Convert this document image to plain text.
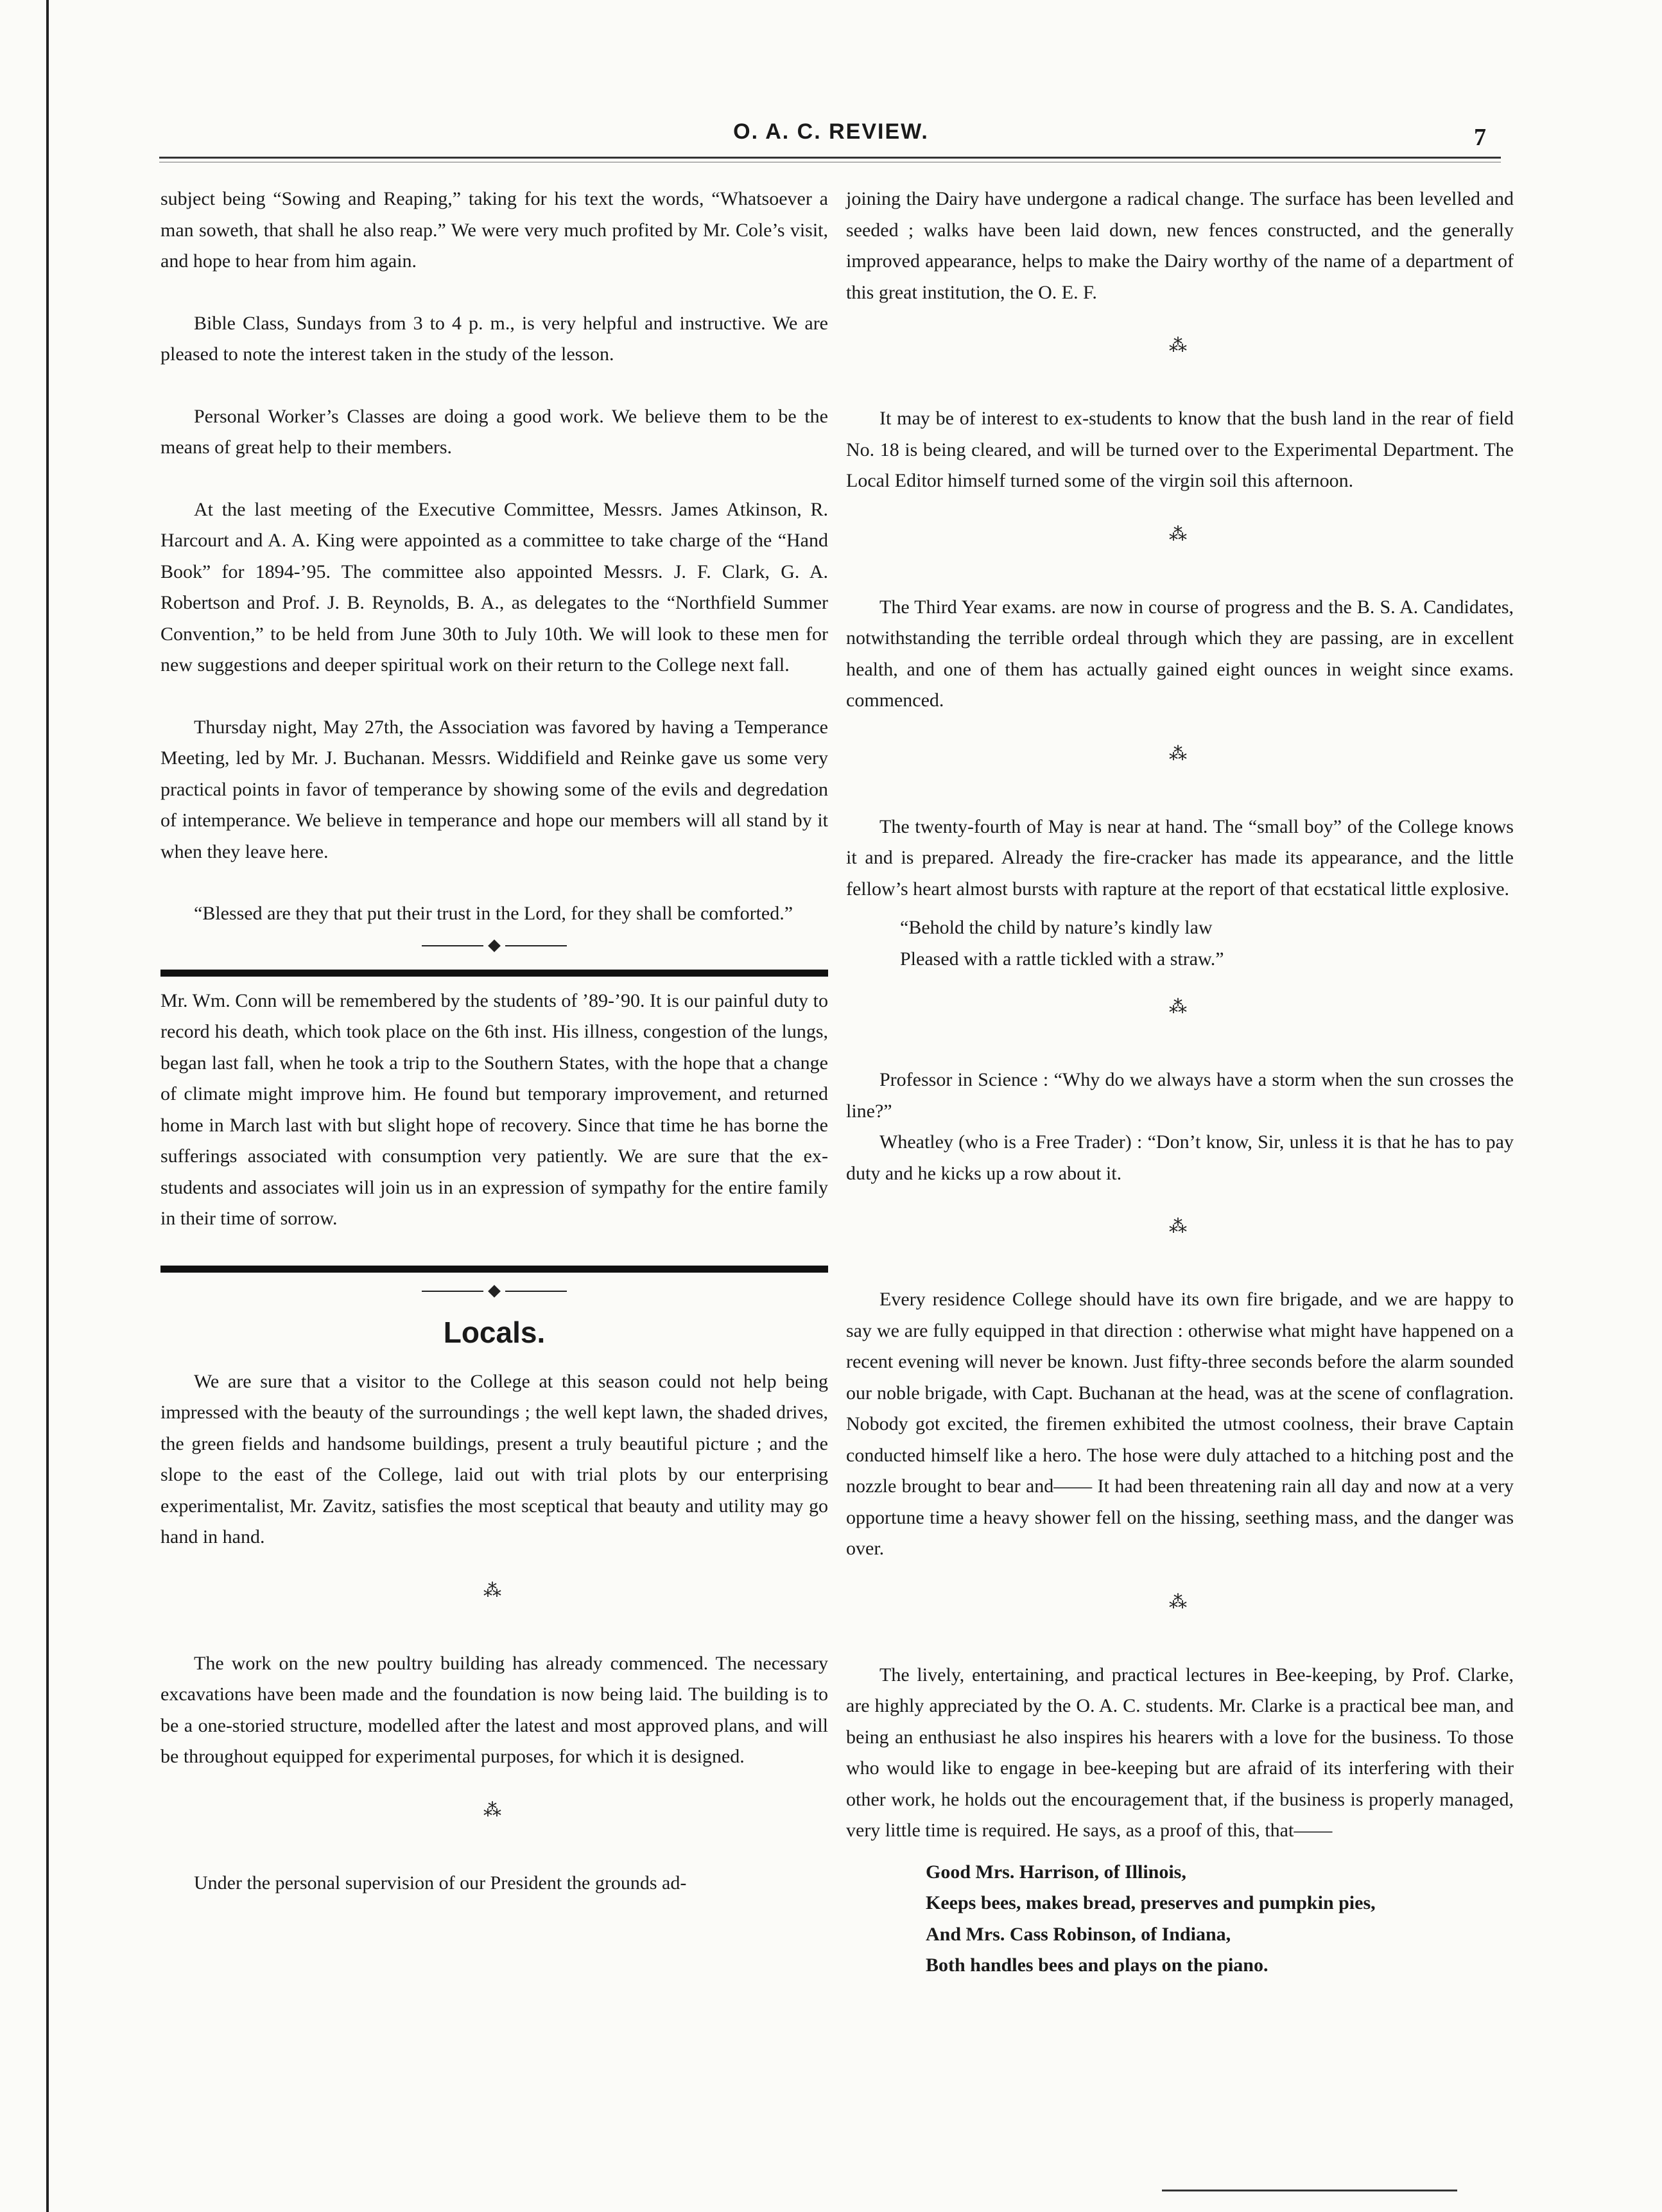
O. A. C. REVIEW.	7

subject being “Sowing and Reaping,” taking for his text the words, “Whatsoever a man soweth, that shall he also reap.” We were very much profited by Mr. Cole’s visit, and hope to hear from him again.

Bible Class, Sundays from 3 to 4 p. m., is very helpful and instructive. We are pleased to note the interest taken in the study of the lesson.

Personal Worker’s Classes are doing a good work. We believe them to be the means of great help to their members.

At the last meeting of the Executive Committee, Messrs. James Atkinson, R. Harcourt and A. A. King were appointed as a committee to take charge of the “Hand Book” for 1894-’95. The committee also appointed Messrs. J. F. Clark, G. A. Robertson and Prof. J. B. Reynolds, B. A., as delegates to the “Northfield Summer Convention,” to be held from June 30th to July 10th. We will look to these men for new suggestions and deeper spiritual work on their return to the College next fall.

Thursday night, May 27th, the Association was favored by having a Temperance Meeting, led by Mr. J. Buchanan. Messrs. Widdifield and Reinke gave us some very practical points in favor of temperance by showing some of the evils and degredation of intemperance. We believe in temperance and hope our members will all stand by it when they leave here.

“Blessed are they that put their trust in the Lord, for they shall be comforted.”

Mr. Wm. Conn will be remembered by the students of ’89-’90. It is our painful duty to record his death, which took place on the 6th inst. His illness, congestion of the lungs, began last fall, when he took a trip to the Southern States, with the hope that a change of climate might improve him. He found but temporary improvement, and returned home in March last with but slight hope of recovery. Since that time he has borne the sufferings associated with consumption very patiently. We are sure that the ex-students and associates will join us in an expression of sympathy for the entire family in their time of sorrow.

Locals.

We are sure that a visitor to the College at this season could not help being impressed with the beauty of the surroundings ; the well kept lawn, the shaded drives, the green fields and handsome buildings, present a truly beautiful picture ; and the slope to the east of the College, laid out with trial plots by our enterprising experimentalist, Mr. Zavitz, satisfies the most sceptical that beauty and utility may go hand in hand.

⁂

The work on the new poultry building has already commenced. The necessary excavations have been made and the foundation is now being laid. The building is to be a one-storied structure, modelled after the latest and most approved plans, and will be throughout equipped for experimental purposes, for which it is designed.

⁂

Under the personal supervision of our President the grounds ad-

joining the Dairy have undergone a radical change. The surface has been levelled and seeded ; walks have been laid down, new fences constructed, and the generally improved appearance, helps to make the Dairy worthy of the name of a department of this great institution, the O. E. F.

⁂

It may be of interest to ex-students to know that the bush land in the rear of field No. 18 is being cleared, and will be turned over to the Experimental Department. The Local Editor himself turned some of the virgin soil this afternoon.

⁂

The Third Year exams. are now in course of progress and the B. S. A. Candidates, notwithstanding the terrible ordeal through which they are passing, are in excellent health, and one of them has actually gained eight ounces in weight since exams. commenced.

⁂

The twenty-fourth of May is near at hand. The “small boy” of the College knows it and is prepared. Already the fire-cracker has made its appearance, and the little fellow’s heart almost bursts with rapture at the report of that ecstatical little explosive.

“Behold the child by nature’s kindly law
Pleased with a rattle tickled with a straw.”
⁂

Professor in Science : “Why do we always have a storm when the sun crosses the line?”

Wheatley (who is a Free Trader) : “Don’t know, Sir, unless it is that he has to pay duty and he kicks up a row about it.

⁂

Every residence College should have its own fire brigade, and we are happy to say we are fully equipped in that direction : otherwise what might have happened on a recent evening will never be known. Just fifty-three seconds before the alarm sounded our noble brigade, with Capt. Buchanan at the head, was at the scene of conflagration. Nobody got excited, the firemen exhibited the utmost coolness, their brave Captain conducted himself like a hero. The hose were duly attached to a hitching post and the nozzle brought to bear and—— It had been threatening rain all day and now at a very opportune time a heavy shower fell on the hissing, seething mass, and the danger was over.

⁂

The lively, entertaining, and practical lectures in Bee-keeping, by Prof. Clarke, are highly appreciated by the O. A. C. students. Mr. Clarke is a practical bee man, and being an enthusiast he also inspires his hearers with a love for the business. To those who would like to engage in bee-keeping but are afraid of its interfering with their other work, he holds out the encouragement that, if the business is properly managed, very little time is required. He says, as a proof of this, that——

Good Mrs. Harrison, of Illinois,
Keeps bees, makes bread, preserves and pumpkin pies,
And Mrs. Cass Robinson, of Indiana,
Both handles bees and plays on the piano.
